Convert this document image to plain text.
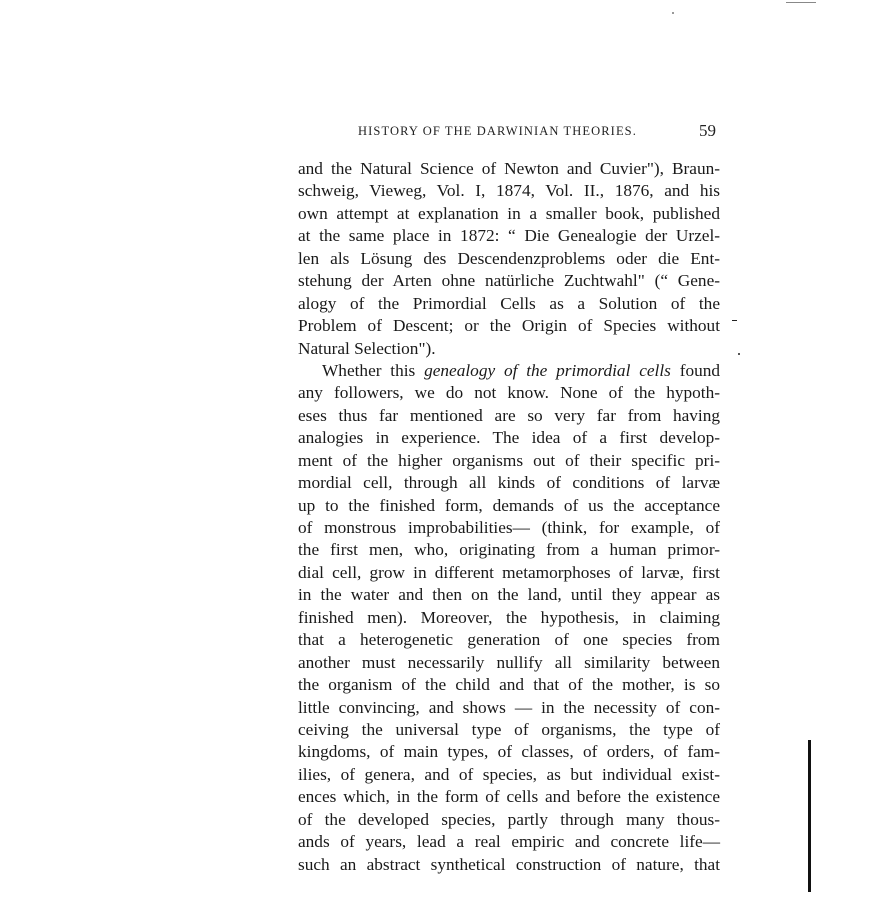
HISTORY OF THE DARWINIAN THEORIES.	59
and the Natural Science of Newton and Cuvier"), Braun-
schweig, Vieweg, Vol. I, 1874, Vol. II., 1876, and his
own attempt at explanation in a smaller book, published
at the same place in 1872: “ Die Genealogie der Urzel-
len als Lösung des Descendenzproblems oder die Ent-
stehung der Arten ohne natürliche Zuchtwahl" (“ Gene-
alogy of the Primordial Cells as a Solution of the
Problem of Descent; or the Origin of Species without
Natural Selection").
Whether this genealogy of the primordial cells found
any followers, we do not know. None of the hypoth-
eses thus far mentioned are so very far from having
analogies in experience. The idea of a first develop-
ment of the higher organisms out of their specific pri-
mordial cell, through all kinds of conditions of larvæ
up to the finished form, demands of us the acceptance
of monstrous improbabilities— (think, for example, of
the first men, who, originating from a human primor-
dial cell, grow in different metamorphoses of larvæ, first
in the water and then on the land, until they appear as
finished men). Moreover, the hypothesis, in claiming
that a heterogenetic generation of one species from
another must necessarily nullify all similarity between
the organism of the child and that of the mother, is so
little convincing, and shows — in the necessity of con-
ceiving the universal type of organisms, the type of
kingdoms, of main types, of classes, of orders, of fam-
ilies, of genera, and of species, as but individual exist-
ences which, in the form of cells and before the existence
of the developed species, partly through many thous-
ands of years, lead a real empiric and concrete life—
such an abstract synthetical construction of nature, that
